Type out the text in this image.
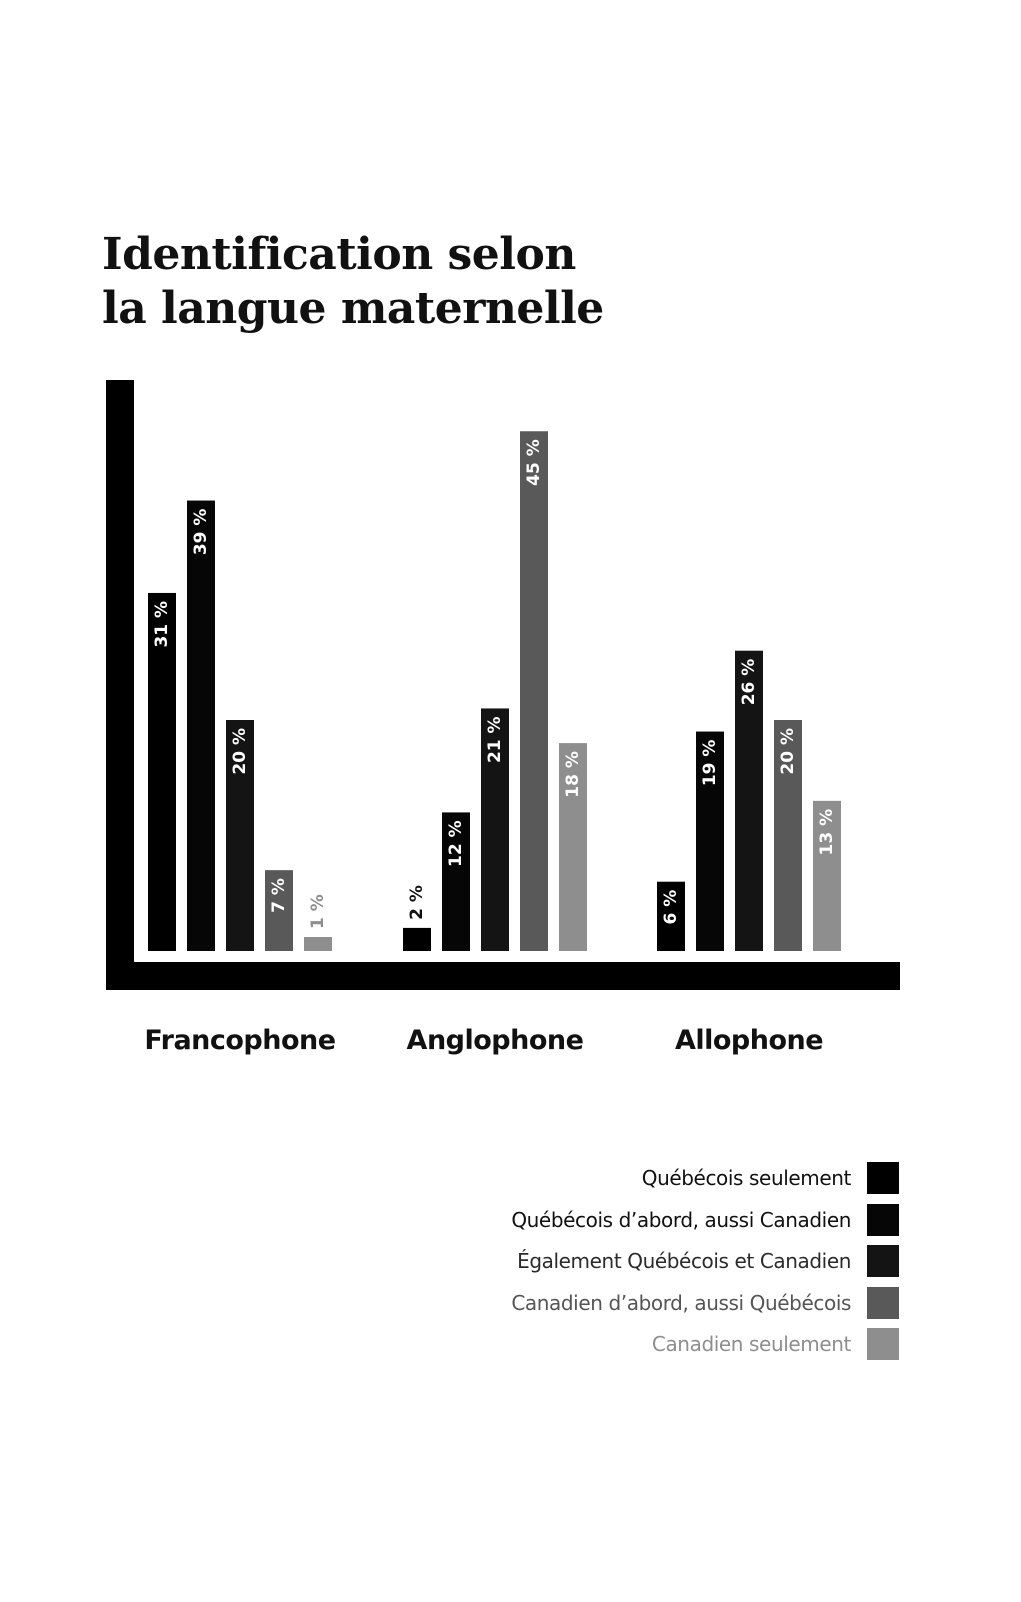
Identification selon
la langue maternelle
31 %
39 %
20 %
7 % 1 %	2 %
12 %
21 %
45 %
18 %
6 %
19 %
26 %
20 %
13 %
Francophone	Anglophone	Allophone
Québécois seulement
Québécois d’abord, aussi Canadien
Également Québécois et Canadien
Canadien d’abord, aussi Québécois
Canadien seulement
